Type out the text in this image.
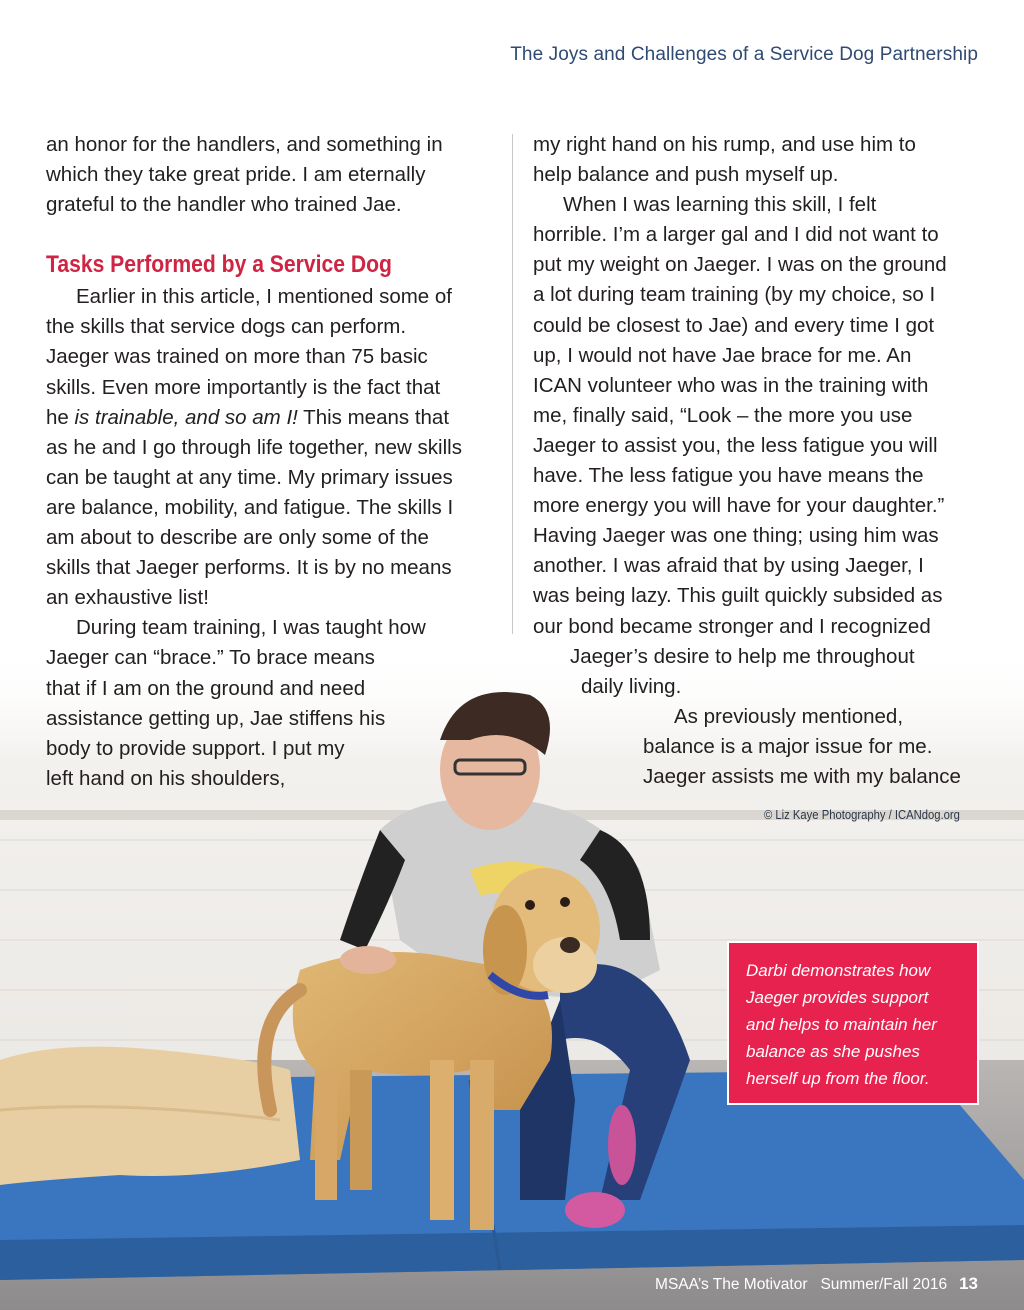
The Joys and Challenges of a Service Dog Partnership

an honor for the handlers, and something in
which they take great pride. I am eternally
grateful to the handler who trained Jae.

Tasks Performed by a Service Dog

Earlier in this article, I mentioned some of
the skills that service dogs can perform.
Jaeger was trained on more than 75 basic
skills. Even more importantly is the fact that
he is trainable, and so am I! This means that
as he and I go through life together, new skills
can be taught at any time. My primary issues
are balance, mobility, and fatigue. The skills I
am about to describe are only some of the
skills that Jaeger performs. It is by no means
an exhaustive list!

During team training, I was taught how
Jaeger can “brace.” To brace means
that if I am on the ground and need
assistance getting up, Jae stiffens his
body to provide support. I put my
left hand on his shoulders,

my right hand on his rump, and use him to
help balance and push myself up.

When I was learning this skill, I felt
horrible. I’m a larger gal and I did not want to
put my weight on Jaeger. I was on the ground
a lot during team training (by my choice, so I
could be closest to Jae) and every time I got
up, I would not have Jae brace for me. An
ICAN volunteer who was in the training with
me, finally said, “Look – the more you use
Jaeger to assist you, the less fatigue you will
have. The less fatigue you have means the
more energy you will have for your daughter.”
Having Jaeger was one thing; using him was
another. I was afraid that by using Jaeger, I
was being lazy. This guilt quickly subsided as
our bond became stronger and I recognized
Jaeger’s desire to help me throughout
daily living.

As previously mentioned,
balance is a major issue for me.
Jaeger assists me with my balance

© Liz Kaye Photography / ICANdog.org
Darbi demonstrates how
Jaeger provides support
and helps to maintain her
balance as she pushes
herself up from the floor.
MSAA’s The Motivator   Summer/Fall 2016 13
